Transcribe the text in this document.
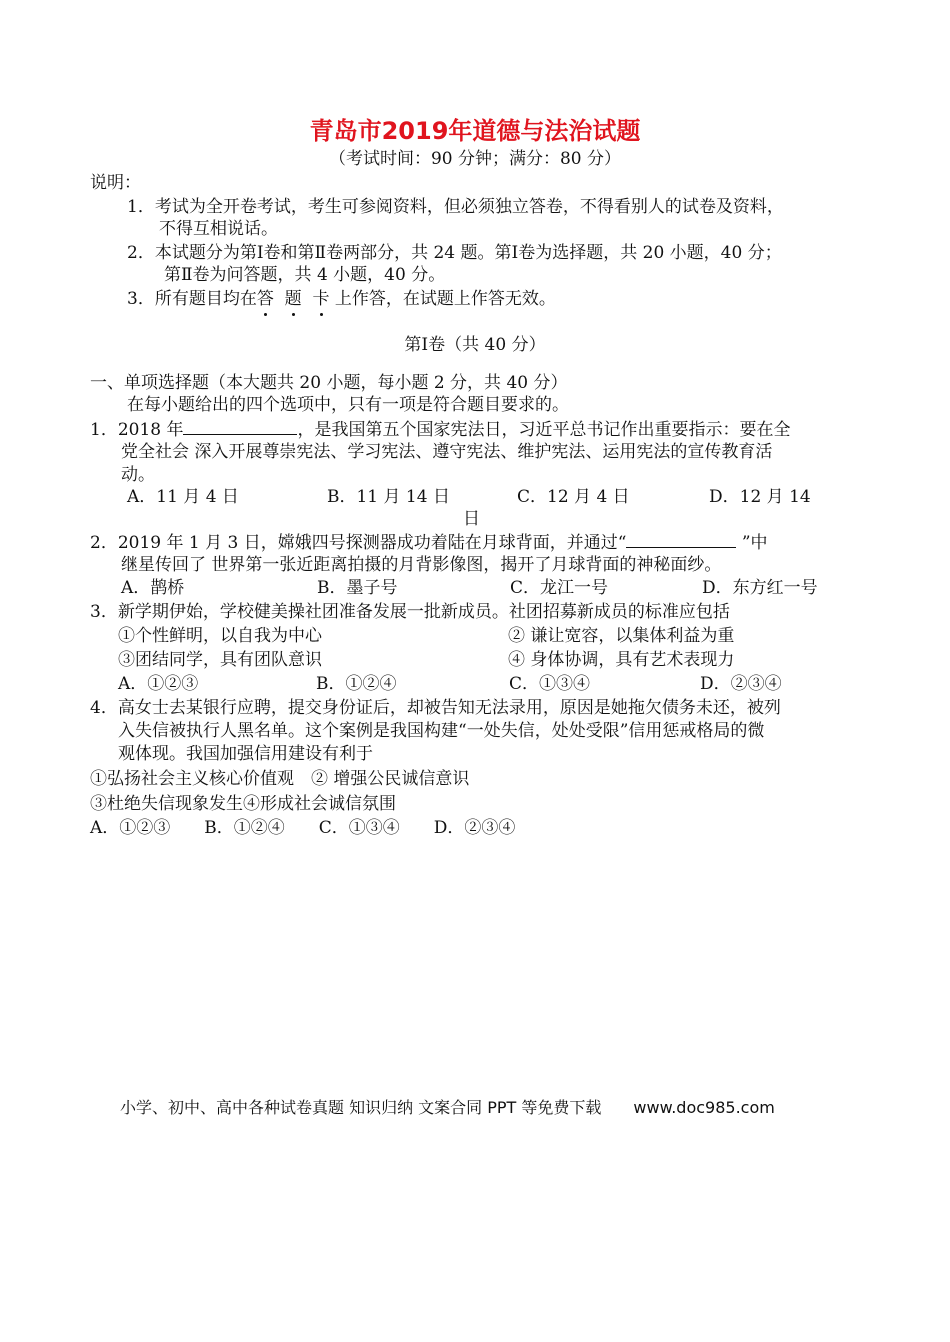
青岛市2019年道德与法治试题
（考试时间：90 分钟；满分：80 分）
说明：
1．考试为全开卷考试，考生可参阅资料，但必须独立答卷，不得看别人的试卷及资料，
不得互相说话。
2．本试题分为第Ⅰ卷和第Ⅱ卷两部分，共 24 题。第Ⅰ卷为选择题，共 20 小题，40 分；
第Ⅱ卷为问答题，共 4 小题，40 分。
3．所有题目均在答 题 卡 上作答，在试题上作答无效。
第Ⅰ卷（共 40 分）
一、单项选择题（本大题共 20 小题，每小题 2 分，共 40 分）
在每小题给出的四个选项中，只有一项是符合题目要求的。
1．2018 年	，是我国第五个国家宪法日，习近平总书记作出重要指示：要在全
党全社会 深入开展尊崇宪法、学习宪法、遵守宪法、维护宪法、运用宪法的宣传教育活
动。
A．11 月 4 日	B．11 月 14 日	C．12 月 4 日	D．12 月 14
日
2．2019 年 1 月 3 日，嫦娥四号探测器成功着陆在月球背面，并通过“	”中
继星传回了 世界第一张近距离拍摄的月背影像图，揭开了月球背面的神秘面纱。
A．鹊桥	B．墨子号	C．龙江一号	D．东方红一号
3．新学期伊始，学校健美操社团准备发展一批新成员。社团招募新成员的标准应包括
①个性鲜明，以自我为中心	② 谦让宽容，以集体利益为重
③团结同学，具有团队意识	④ 身体协调，具有艺术表现力
A．①②③	B．①②④	C．①③④	D．②③④
4．高女士去某银行应聘，提交身份证后，却被告知无法录用，原因是她拖欠债务未还，被列
入失信被执行人黑名单。这个案例是我国构建“一处失信，处处受限”信用惩戒格局的微
观体现。我国加强信用建设有利于
①弘扬社会主义核心价值观　② 增强公民诚信意识
③杜绝失信现象发生④形成社会诚信氛围
A．①②③　　B．①②④　　C．①③④　　D．②③④
小学、初中、高中各种试卷真题 知识归纳 文案合同 PPT 等免费下载　　www.doc985.com
